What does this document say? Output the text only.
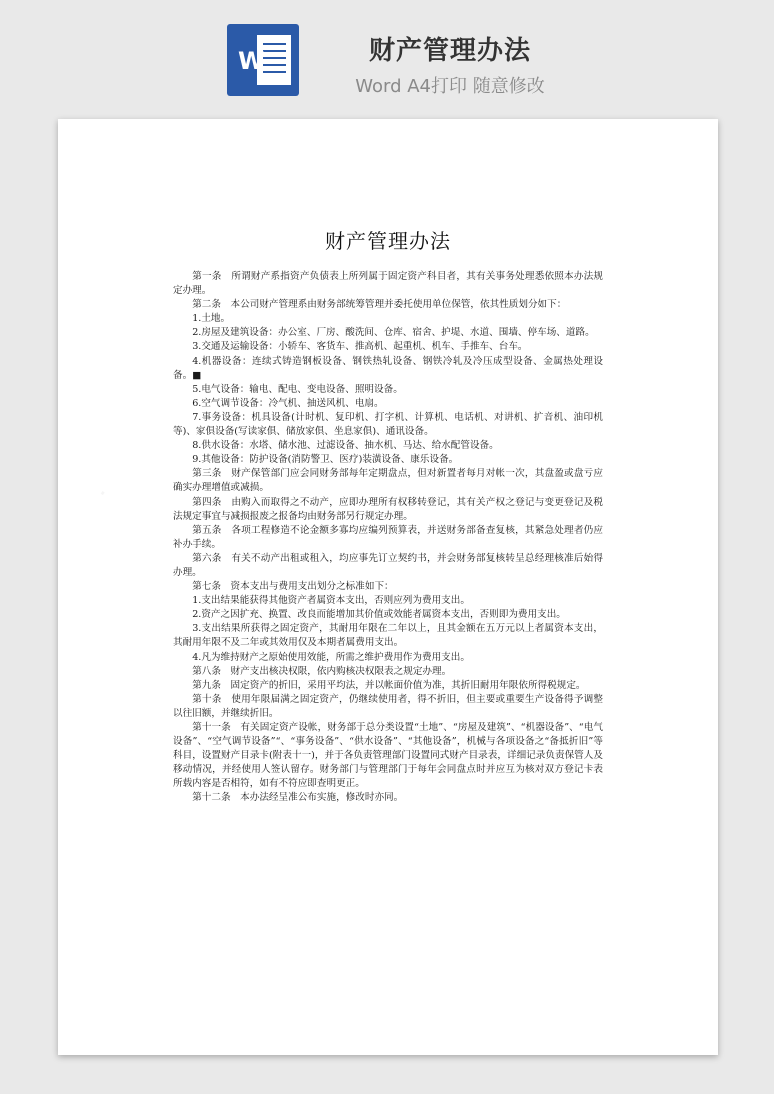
W	财产管理办法
Word A4打印 随意修改
财产管理办法

第一条　所谓财产系指资产负债表上所列属于固定资产科目者，其有关事务处理悉依照本办法规定办理。

第二条　本公司财产管理系由财务部统筹管理并委托使用单位保管，依其性质划分如下：

1.土地。

2.房屋及建筑设备：办公室、厂房、酸洗间、仓库、宿舍、护堤、水道、围墙、停车场、道路。

3.交通及运输设备：小轿车、客货车、推高机、起重机、机车、手推车、台车。

4.机器设备：连续式铸造钢板设备、钢铁热轧设备、钢铁冷轧及冷压成型设备、金属热处理设备。■

5.电气设备：输电、配电、变电设备、照明设备。

6.空气调节设备：冷气机、抽送风机、电扇。

7.事务设备：机具设备(计时机、复印机、打字机、计算机、电话机、对讲机、扩音机、油印机等)、家俱设备(写读家俱、储放家俱、坐息家俱)、通讯设备。

8.供水设备：水塔、储水池、过滤设备、抽水机、马达、给水配管设备。

9.其他设备：防护设备(消防警卫、医疗)装潢设备、康乐设备。

第三条　财产保管部门应会同财务部每年定期盘点，但对新置者每月对帐一次，其盘盈或盘亏应确实办理增值或减损。

第四条　由购入而取得之不动产，应即办理所有权移转登记，其有关产权之登记与变更登记及税法规定事宜与减损报废之报备均由财务部另行规定办理。

第五条　各项工程修造不论金额多寡均应编列预算表，并送财务部备查复核，其紧急处理者仍应补办手续。

第六条　有关不动产出租或租入，均应事先订立契约书，并会财务部复核转呈总经理核准后始得办理。

第七条　资本支出与费用支出划分之标准如下：

1.支出结果能获得其他资产者属资本支出，否则应列为费用支出。

2.资产之因扩充、换置、改良而能增加其价值或效能者属资本支出，否则即为费用支出。

3.支出结果所获得之固定资产，其耐用年限在二年以上，且其金额在五万元以上者属资本支出，其耐用年限不及二年或其效用仅及本期者属费用支出。

4.凡为维持财产之原始使用效能，所需之维护费用作为费用支出。

第八条　财产支出核决权限，依内购核决权限表之规定办理。

第九条　固定资产的折旧，采用平均法，并以帐面价值为准，其折旧耐用年限依所得税规定。

第十条　使用年限届满之固定资产，仍继续使用者，得不折旧，但主要或重要生产设备得予调整以往旧额，并继续折旧。

第十一条　有关固定资产设帐，财务部于总分类设置“土地”、“房屋及建筑”、“机器设备”、“电气设备”、“空气调节设备”“、“事务设备”、“供水设备”、“其他设备”，机械与各项设备之“备抵折旧”等科目，设置财产目录卡(附表十一)，并于各负责管理部门设置同式财产目录表，详细记录负责保管人及移动情况，并经使用人签认留存。财务部门与管理部门于每年会同盘点时并应互为核对双方登记卡表所载内容是否相符，如有不符应即查明更正。

第十二条　本办法经呈准公布实施，修改时亦同。
